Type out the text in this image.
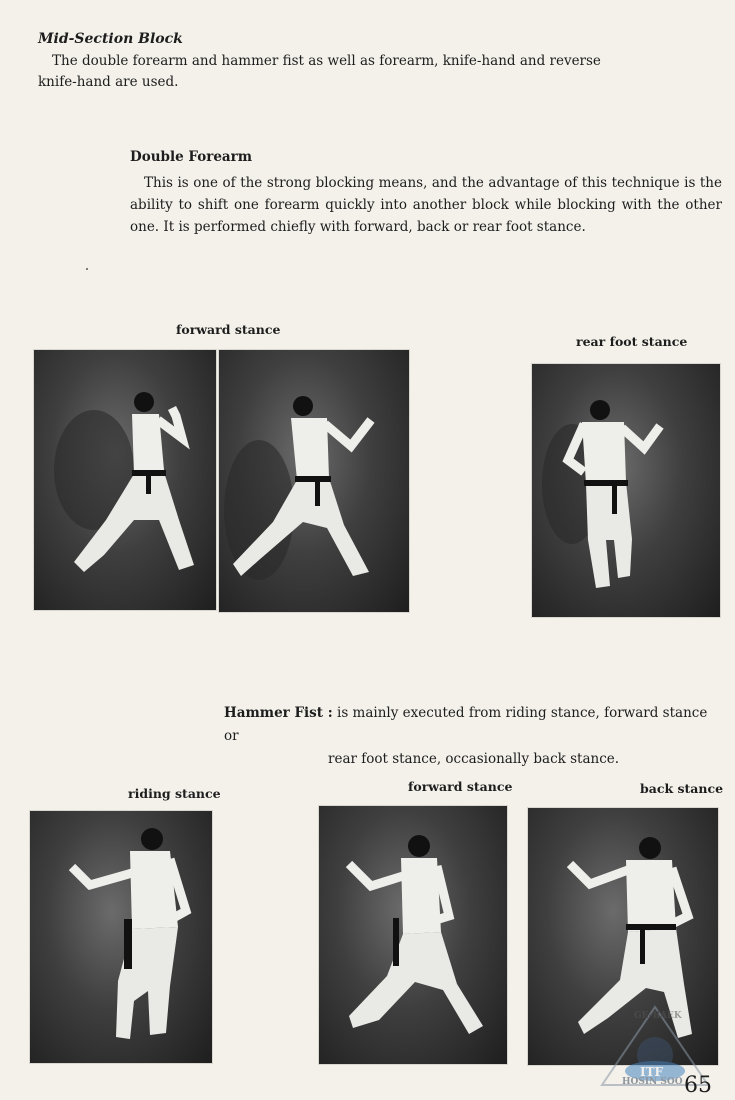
Mid-Section Block

The double forearm and hammer fist as well as forearm, knife-hand and reverse knife-hand are used.

Double Forearm

This is one of the strong blocking means, and the advantage of this technique is the ability to shift one forearm quickly into another block while blocking with the other one. It is performed chiefly with forward, back or rear foot stance.

forward stance
rear foot stance

Hammer Fist : is mainly executed from riding stance, forward stance or
rear foot stance, occasionally back stance.

riding stance	forward stance	back stance
GE-BAEK
ITF
HOSIN SOO 65
